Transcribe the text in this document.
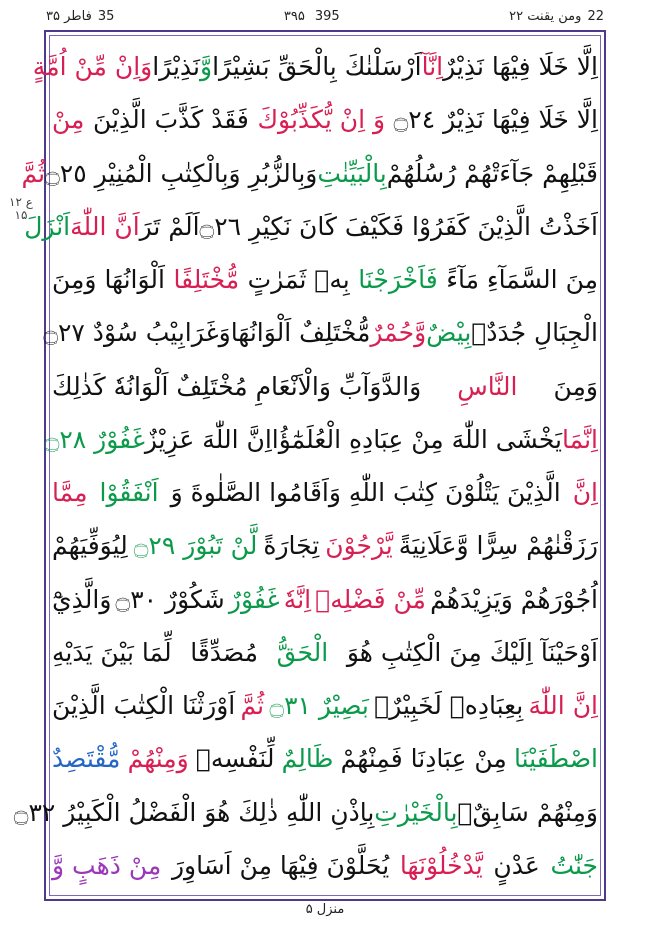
۳۵ فاطر 35	۳۹۵ 395	ومن یقنت ۲۲ 22
۱۲ ع
۱۵
اِلَّا خَلَا فِيْهَا نَذِيْرٌ
اِنَّآ
اَرْسَلْنٰكَ بِالْحَقِّ بَشِيْرًا
وَّ
نَذِيْرًا
وَاِنْ مِّنْ اُمَّةٍ
اِلَّا خَلَا فِيْهَا نَذِيْرٌ ۝٢٤
وَ اِنْ يُّكَذِّبُوْكَ
فَقَدْ كَذَّبَ الَّذِيْنَ
مِنْ
قَبْلِهِمْ جَآءَتْهُمْ رُسُلُهُمْ
بِالْبَيِّنٰتِ
وَبِالزُّبُرِ وَبِالْكِتٰبِ الْمُنِيْرِ ۝٢٥
ثُمَّ
اَخَذْتُ الَّذِيْنَ كَفَرُوْا فَكَيْفَ كَانَ نَكِيْرِ ۝٢٦
اَلَمْ تَرَ
اَنَّ اللّٰهَ
اَنْزَلَ
مِنَ السَّمَآءِ مَآءً
فَاَخْرَجْنَا
بِهٖ ثَمَرٰتٍ
مُّخْتَلِفًا
اَلْوَانُهَا وَمِنَ
الْجِبَالِ جُدَدٌۢ
بِيْضٌ
وَّحُمْرٌ
مُّخْتَلِفٌ اَلْوَانُهَا
وَغَرَابِيْبُ سُوْدٌ ۝٢٧
وَمِنَ
النَّاسِ
وَالدَّوَآبِّ وَالْاَنْعَامِ مُخْتَلِفٌ اَلْوَانُهٗ كَذٰلِكَ
اِنَّمَا
يَخْشَى اللّٰهَ مِنْ عِبَادِهِ الْعُلَمٰٓؤُا
اِنَّ اللّٰهَ عَزِيْزٌ
غَفُوْرٌ ۝٢٨
اِنَّ
الَّذِيْنَ يَتْلُوْنَ كِتٰبَ اللّٰهِ وَاَقَامُوا الصَّلٰوةَ وَ
اَنْفَقُوْا
مِمَّا
رَزَقْنٰهُمْ سِرًّا وَّعَلَانِيَةً
يَّرْجُوْنَ
تِجَارَةً
لَّنْ تَبُوْرَ ۝٢٩
لِيُوَفِّيَهُمْ
اُجُوْرَهُمْ وَيَزِيْدَهُمْ
مِّنْ فَضْلِهٖ
اِنَّهٗ
غَفُوْرٌ
شَكُوْرٌ ۝٣٠
وَالَّذِيْٓ
اَوْحَيْنَآ اِلَيْكَ مِنَ الْكِتٰبِ هُوَ
الْحَقُّ
مُصَدِّقًا
لِّمَا بَيْنَ يَدَيْهِ
اِنَّ اللّٰهَ
بِعِبَادِهٖ لَخَبِيْرٌۢ
بَصِيْرٌ ۝٣١
ثُمَّ
اَوْرَثْنَا الْكِتٰبَ الَّذِيْنَ
اصْطَفَيْنَا
مِنْ عِبَادِنَا فَمِنْهُمْ
ظَالِمٌ
لِّنَفْسِهٖ
وَمِنْهُمْ
مُّقْتَصِدٌ
وَمِنْهُمْ سَابِقٌۢ
بِالْخَيْرٰتِ
بِاِذْنِ اللّٰهِ ذٰلِكَ هُوَ الْفَضْلُ الْكَبِيْرُ ۝٣٢
جَنّٰتُ
عَدْنٍ
يَّدْخُلُوْنَهَا
يُحَلَّوْنَ فِيْهَا مِنْ اَسَاوِرَ
مِنْ ذَهَبٍ وَّ
منزل ۵
